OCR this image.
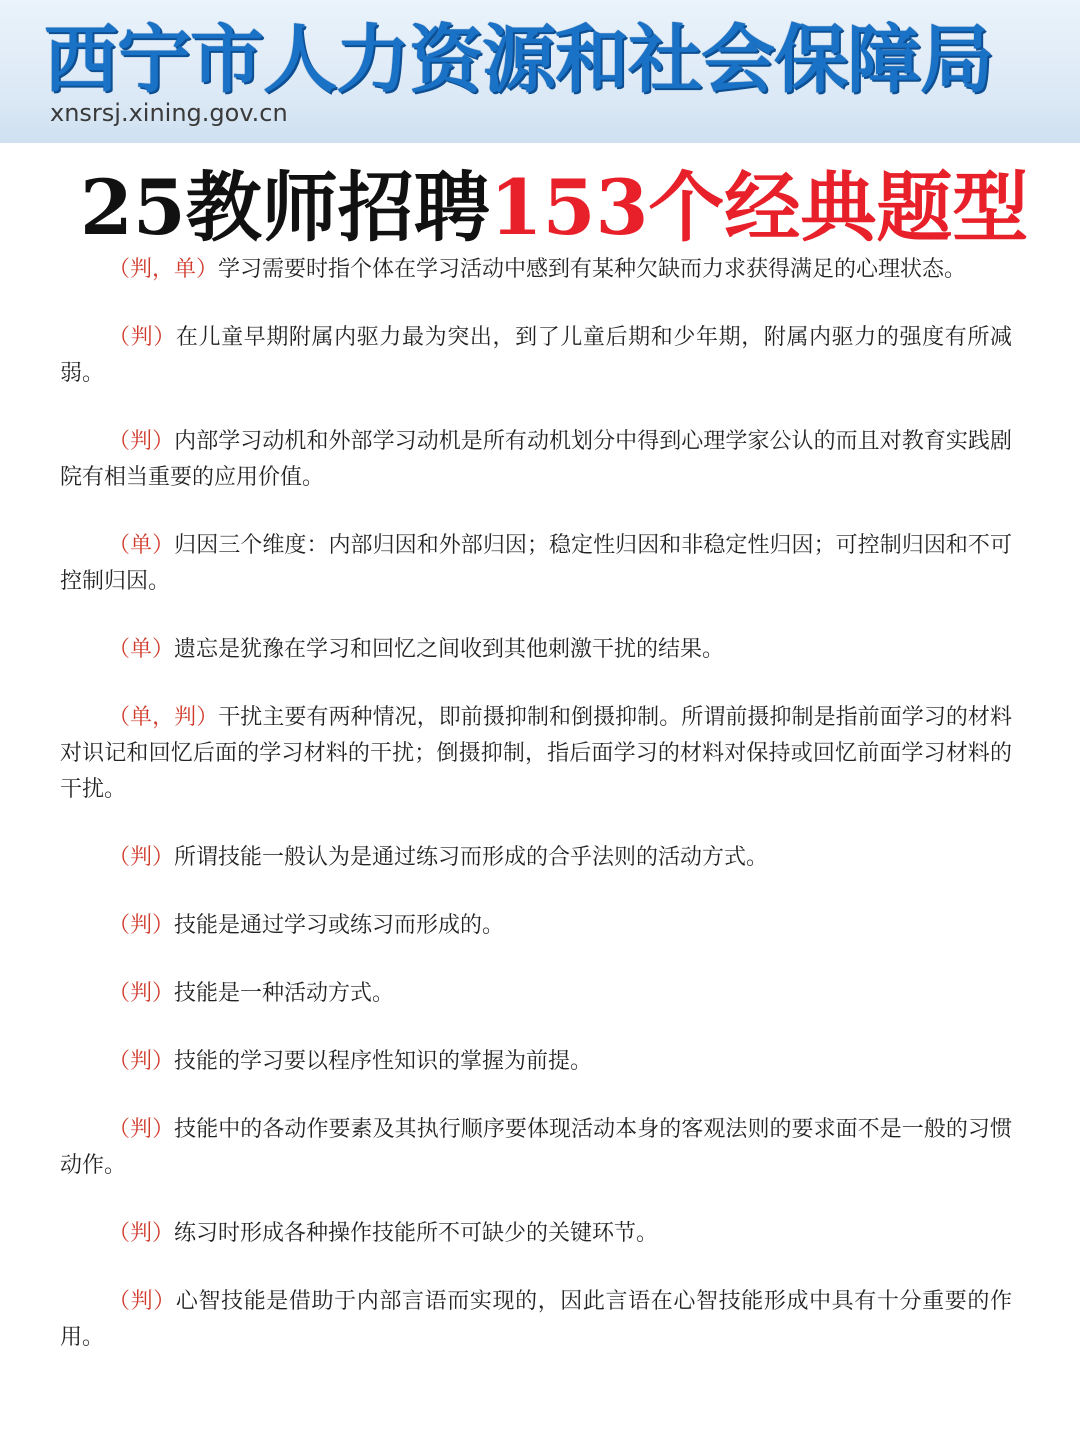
西宁市人力资源和社会保障局
xnsrsj.xining.gov.cn
25教师招聘153个经典题型

（判，单）学习需要时指个体在学习活动中感到有某种欠缺而力求获得满足的心理状态。

（判）在儿童早期附属内驱力最为突出，到了儿童后期和少年期，附属内驱力的强度有所减弱。

（判）内部学习动机和外部学习动机是所有动机划分中得到心理学家公认的而且对教育实践剧院有相当重要的应用价值。

（单）归因三个维度：内部归因和外部归因；稳定性归因和非稳定性归因；可控制归因和不可控制归因。

（单）遗忘是犹豫在学习和回忆之间收到其他刺激干扰的结果。

（单，判）干扰主要有两种情况，即前摄抑制和倒摄抑制。所谓前摄抑制是指前面学习的材料对识记和回忆后面的学习材料的干扰；倒摄抑制，指后面学习的材料对保持或回忆前面学习材料的干扰。

（判）所谓技能一般认为是通过练习而形成的合乎法则的活动方式。

（判）技能是通过学习或练习而形成的。

（判）技能是一种活动方式。

（判）技能的学习要以程序性知识的掌握为前提。

（判）技能中的各动作要素及其执行顺序要体现活动本身的客观法则的要求面不是一般的习惯动作。

（判）练习时形成各种操作技能所不可缺少的关键环节。

（判）心智技能是借助于内部言语而实现的，因此言语在心智技能形成中具有十分重要的作用。
